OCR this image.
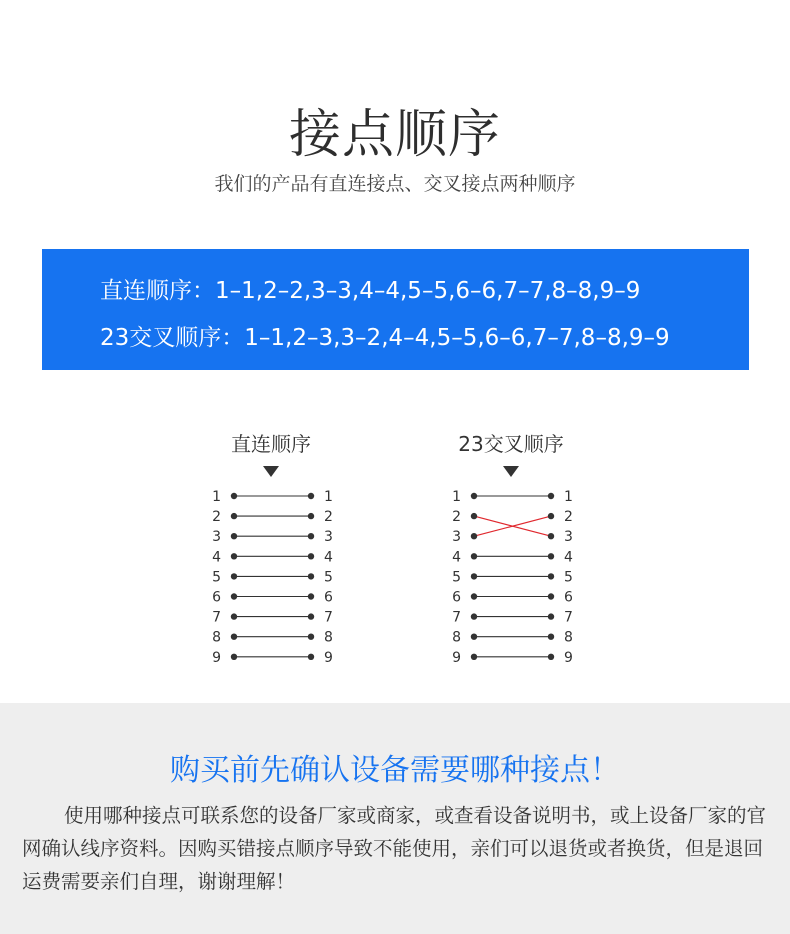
接点顺序
我们的产品有直连接点、交叉接点两种顺序
直连顺序：1–1,2–2,3–3,4–4,5–5,6–6,7–7,8–8,9–9
23交叉顺序：1–1,2–3,3–2,4–4,5–5,6–6,7–7,8–8,9–9
直连顺序
1	1
2	2
3	3
4	4
5	5
6	6
7	7
8	8
9	9
23交叉顺序
1	1
2	2
3	3
4	4
5	5
6	6
7	7
8	8
9	9
购买前先确认设备需要哪种接点！
使用哪种接点可联系您的设备厂家或商家，或查看设备说明书，或上设备厂家的官网确认线序资料。因购买错接点顺序导致不能使用，亲们可以退货或者换货，但是退回运费需要亲们自理，谢谢理解！
